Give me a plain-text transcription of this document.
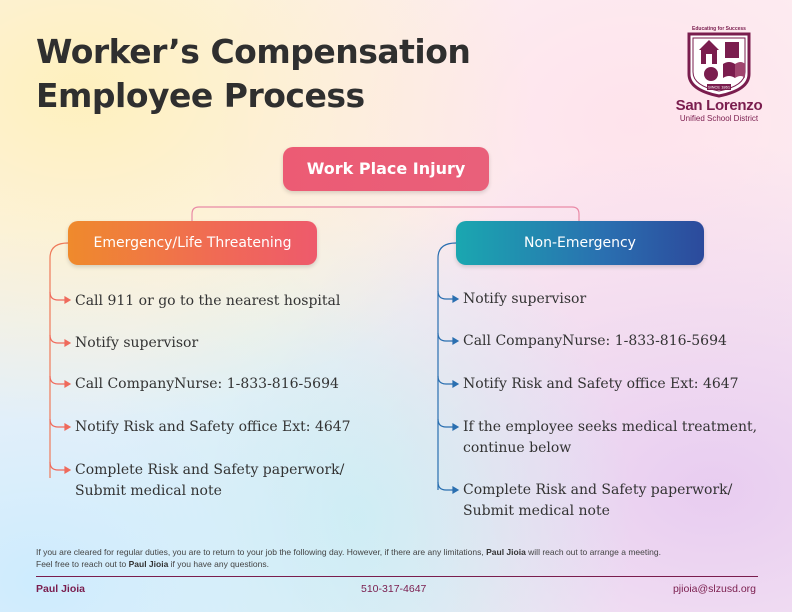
Worker’s Compensation
Employee Process
Educating for Success
SINCE 1861
San Lorenzo
Unified School District
Work Place Injury
Emergency/Life Threatening	Non-Emergency
Call 911 or go to the nearest hospital
Notify supervisor
Call CompanyNurse: 1-833-816-5694
Notify Risk and Safety office Ext: 4647
Complete Risk and Safety paperwork/
Submit medical note
Notify supervisor
Call CompanyNurse: 1-833-816-5694
Notify Risk and Safety office Ext: 4647
If the employee seeks medical treatment,
continue below
Complete Risk and Safety paperwork/
Submit medical note
If you are cleared for regular duties, you are to return to your job the following day. However, if there are any limitations, Paul Jioia will reach out to arrange a meeting.
Feel free to reach out to Paul Jioia if you have any questions.
Paul Jioia	510-317-4647	pjioia@slzusd.org
